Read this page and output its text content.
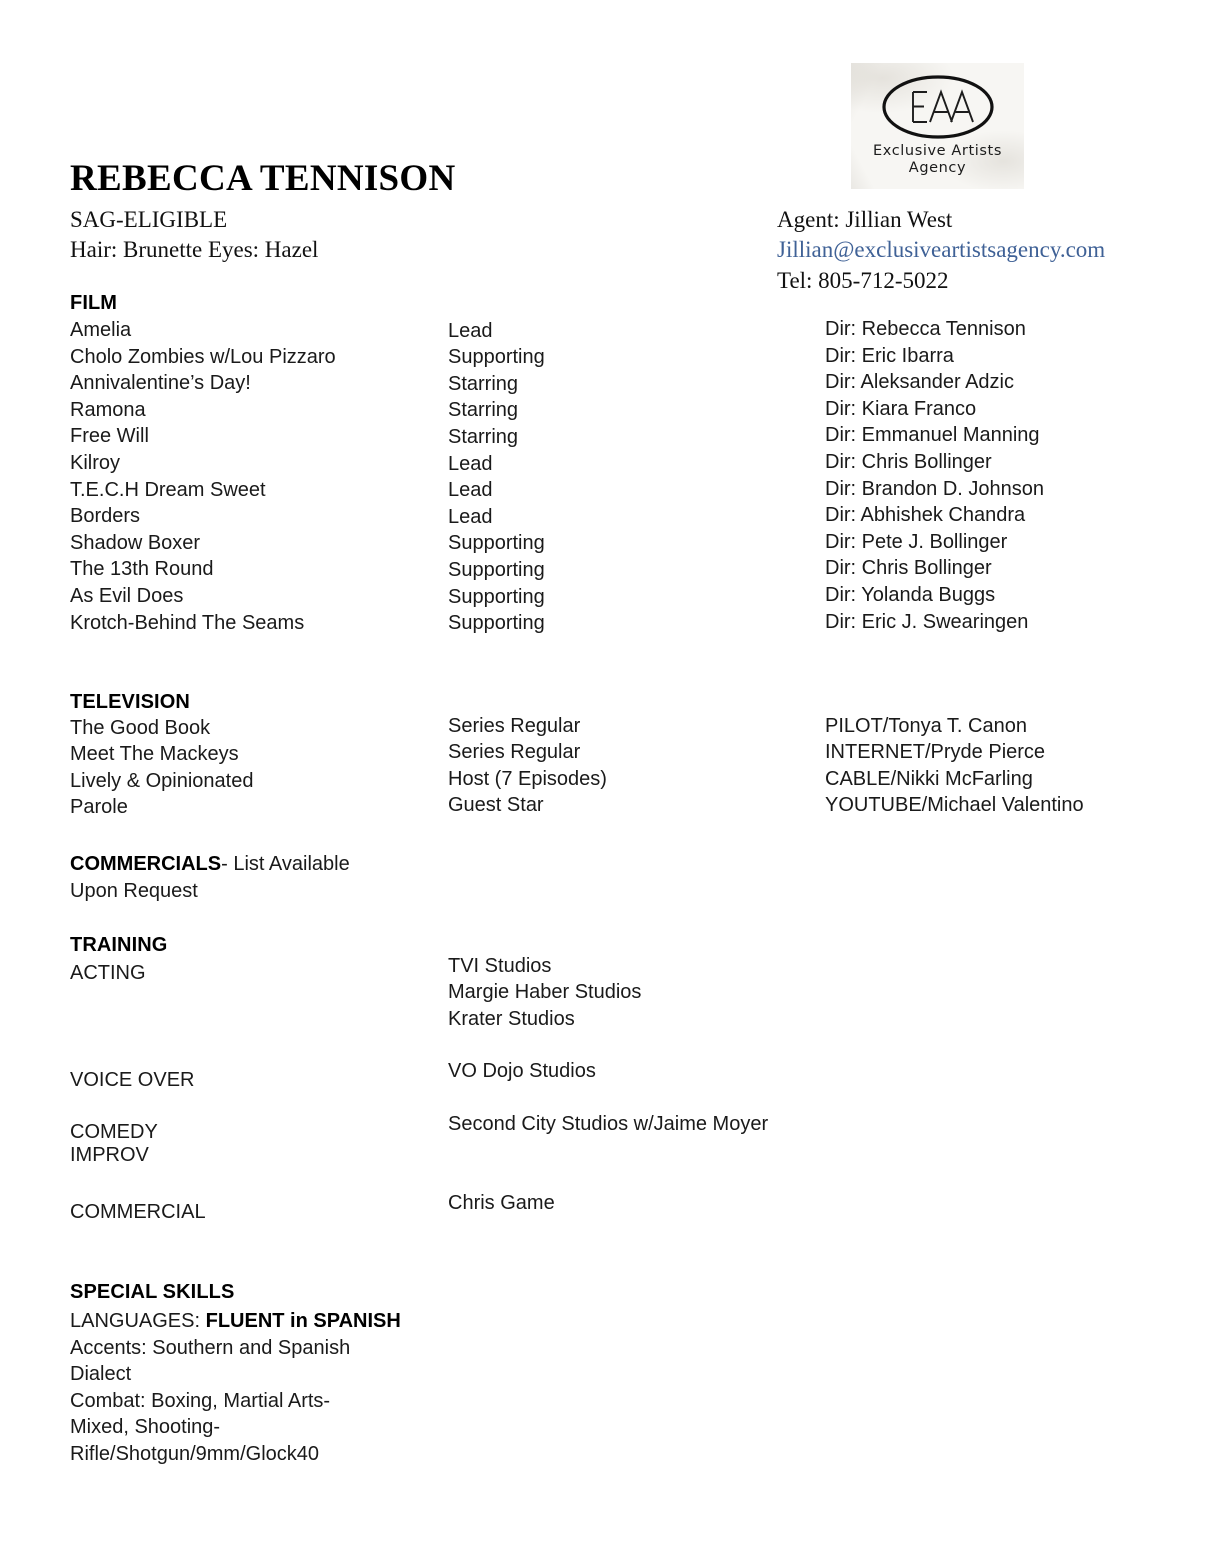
Exclusive Artists
Agency
REBECCA TENNISON
SAG-ELIGIBLE
Hair: Brunette Eyes: Hazel
Agent: Jillian West
Jillian@exclusiveartistsagency.com
Tel: 805-712-5022
FILM
Amelia	Lead	Dir: Rebecca Tennison
Cholo Zombies w/Lou Pizzaro	Supporting	Dir: Eric Ibarra
Annivalentine’s Day!	Starring	Dir: Aleksander Adzic
Ramona	Starring	Dir: Kiara Franco
Free Will	Starring	Dir: Emmanuel Manning
Kilroy	Lead	Dir: Chris Bollinger
T.E.C.H Dream Sweet	Lead	Dir: Brandon D. Johnson
Borders	Lead	Dir: Abhishek Chandra
Shadow Boxer	Supporting	Dir: Pete J. Bollinger
The 13th Round	Supporting	Dir: Chris Bollinger
As Evil Does	Supporting	Dir: Yolanda Buggs
Krotch-Behind The Seams	Supporting	Dir: Eric J. Swearingen
TELEVISION
The Good Book	Series Regular	PILOT/Tonya T. Canon
Meet The Mackeys	Series Regular	INTERNET/Pryde Pierce
Lively & Opinionated	Host (7 Episodes)	CABLE/Nikki McFarling
Parole	Guest Star	YOUTUBE/Michael Valentino
COMMERCIALS- List Available
Upon Request
TRAINING
ACTING	TVI Studios
Margie Haber Studios
Krater Studios
VOICE OVER	VO Dojo Studios
COMEDY
IMPROV
Second City Studios w/Jaime Moyer
COMMERCIAL	Chris Game
SPECIAL SKILLS
LANGUAGES: FLUENT in SPANISH
Accents: Southern and Spanish
Dialect
Combat: Boxing, Martial Arts-
Mixed, Shooting-
Rifle/Shotgun/9mm/Glock40
